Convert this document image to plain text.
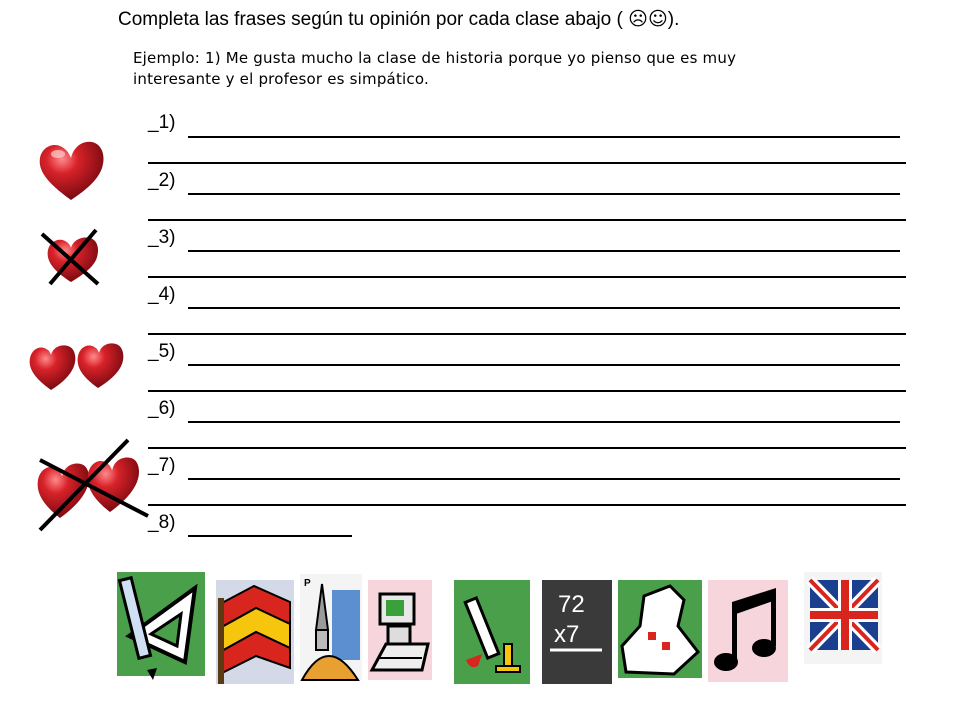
Completa las frases según tu opinión por cada clase abajo ( ☹☺).
Ejemplo: 1) Me gusta mucho la clase de historia porque yo pienso que es muy
interesante y el profesor es simpático.
_1)
_2)
_3)
_4)
_5)
_6)
_7)
_8)
P
72
x7
